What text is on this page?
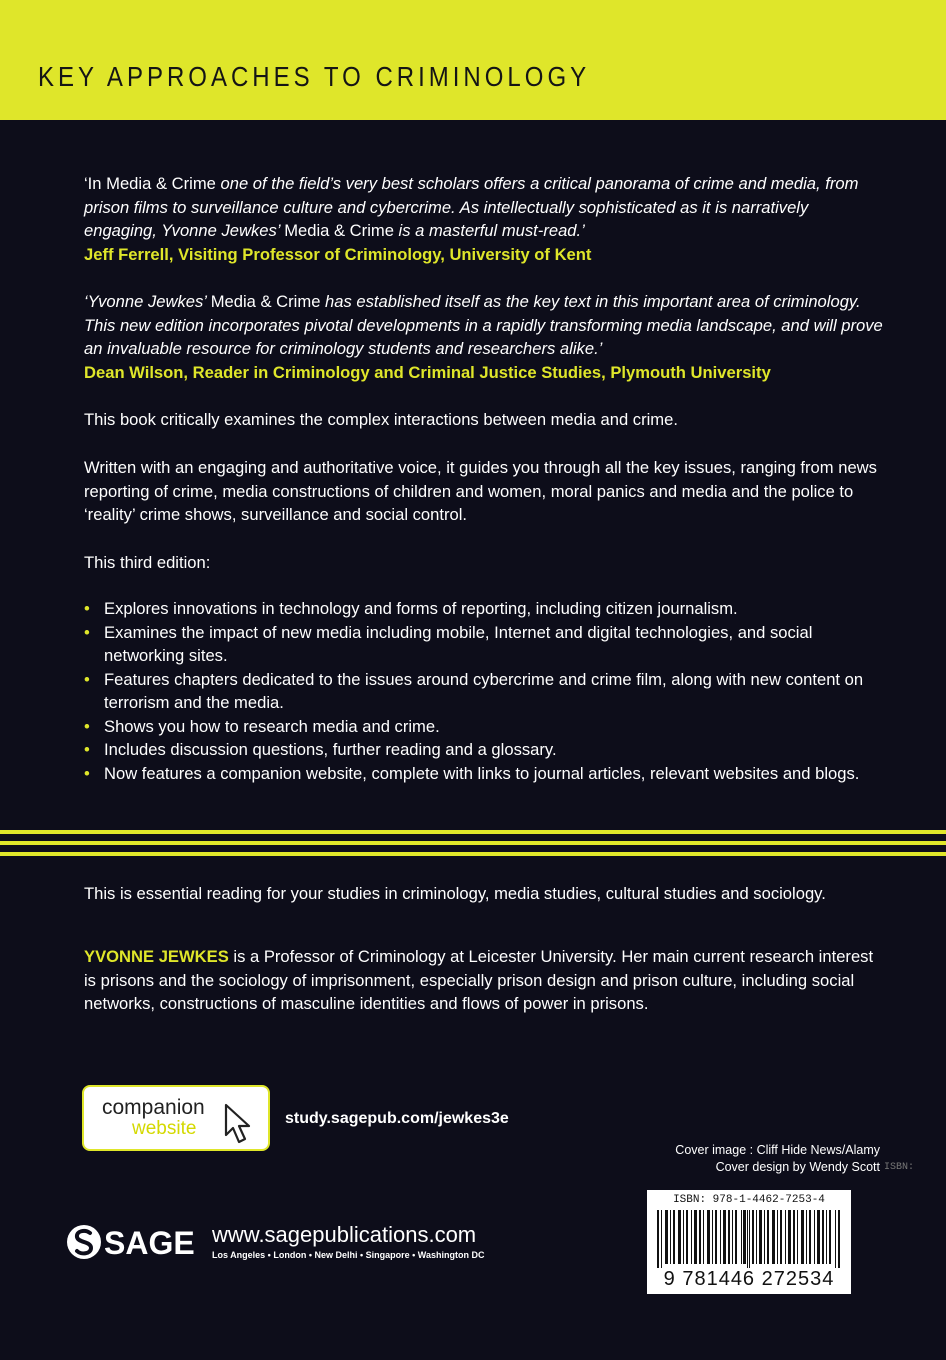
KEY APPROACHES TO CRIMINOLOGY
‘In Media & Crime one of the field’s very best scholars offers a critical panorama of crime and media, from prison films to surveillance culture and cybercrime. As intellectually sophisticated as it is narratively engaging, Yvonne Jewkes’ Media & Crime is a masterful must-read.’
Jeff Ferrell, Visiting Professor of Criminology, University of Kent
‘Yvonne Jewkes’ Media & Crime has established itself as the key text in this important area of criminology. This new edition incorporates pivotal developments in a rapidly transforming media landscape, and will prove an invaluable resource for criminology students and researchers alike.’
Dean Wilson, Reader in Criminology and Criminal Justice Studies, Plymouth University
This book critically examines the complex interactions between media and crime.
Written with an engaging and authoritative voice, it guides you through all the key issues, ranging from news reporting of crime, media constructions of children and women, moral panics and media and the police to ‘reality’ crime shows, surveillance and social control.
This third edition:
• Explores innovations in technology and forms of reporting, including citizen journalism.
• Examines the impact of new media including mobile, Internet and digital technologies, and social networking sites.
• Features chapters dedicated to the issues around cybercrime and crime film, along with new content on terrorism and the media.
• Shows you how to research media and crime.
• Includes discussion questions, further reading and a glossary.
• Now features a companion website, complete with links to journal articles, relevant websites and blogs.
This is essential reading for your studies in criminology, media studies, cultural studies and sociology.
YVONNE JEWKES is a Professor of Criminology at Leicester University. Her main current research interest is prisons and the sociology of imprisonment, especially prison design and prison culture, including social networks, constructions of masculine identities and flows of power in prisons.
companion
website	study.sagepub.com/jewkes3e
Cover image : Cliff Hide News/Alamy
Cover design by Wendy Scott ISBN:
ISBN: 978-1-4462-7253-4
9 781446 272534
SAGE www.sagepublications.com
Los Angeles • London • New Delhi • Singapore • Washington DC
